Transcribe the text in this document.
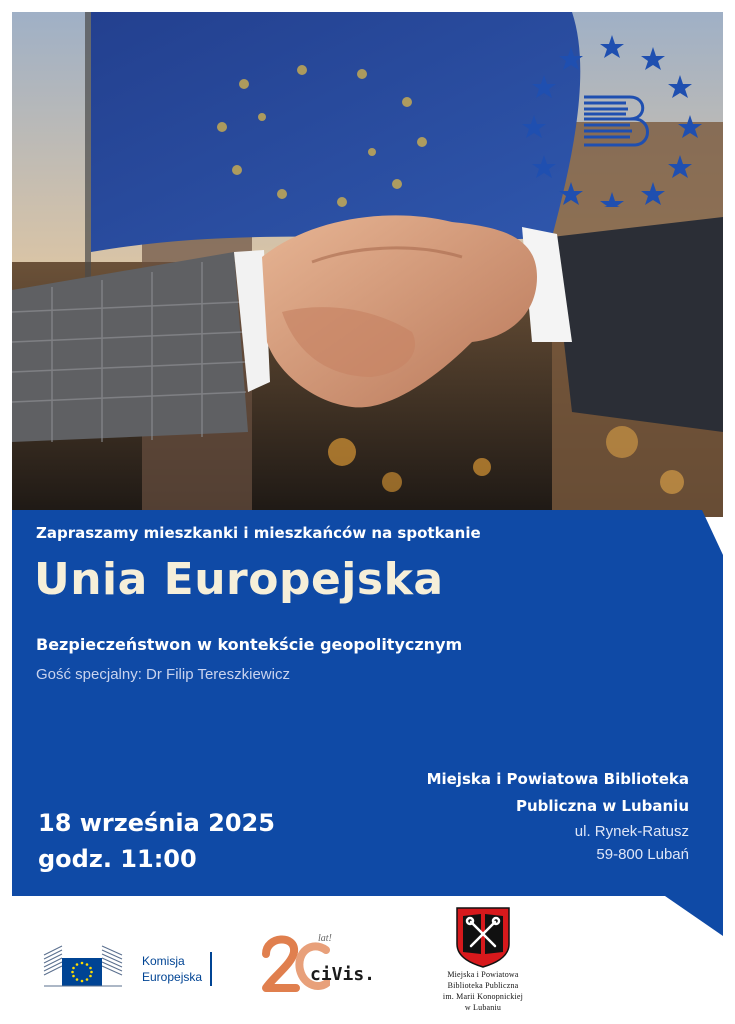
Zapraszamy mieszkanki i mieszkańców na spotkanie
Unia Europejska
Bezpieczeństwon w kontekście geopolitycznym
Gość specjalny: Dr Filip Tereszkiewicz
18 września 2025
godz. 11:00
Miejska i Powiatowa Biblioteka
Publiczna w Lubaniu
ul. Rynek-Ratusz
59-800 Lubań
Komisja
Europejska
lat!
ciVis.	Miejska i Powiatowa
Biblioteka Publiczna
im. Marii Konopnickiej
w Lubaniu
